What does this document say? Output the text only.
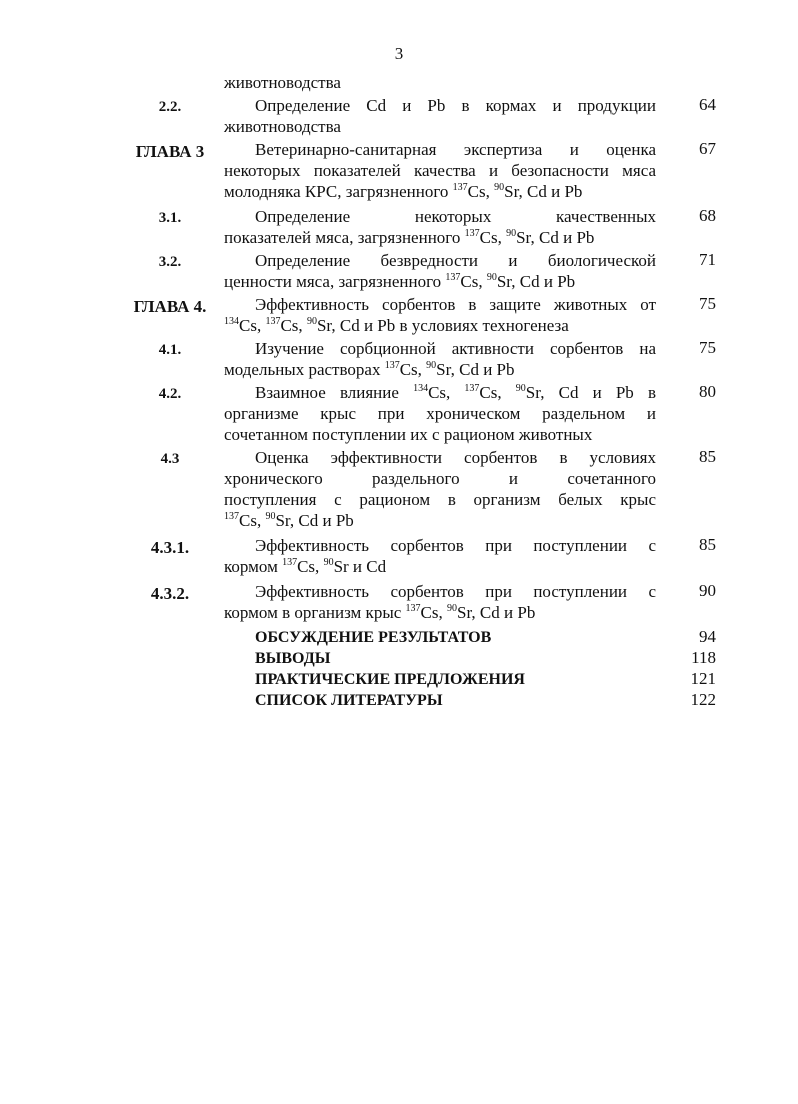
3
животноводства
2.2.	Определение Cd и Pb в кормах и продукции
животноводства
64
ГЛАВА 3	Ветеринарно-санитарная экспертиза и оценка
некоторых показателей качества и безопасности мяса
молодняка КРС, загрязненного $^{137}$Cs, $^{90}$Sr, Cd и Pb
67
3.1.	Определение некоторых качественных
показателей мяса, загрязненного $^{137}$Cs, $^{90}$Sr, Cd и Pb
68
3.2.	Определение безвредности и биологической
ценности мяса, загрязненного $^{137}$Cs, $^{90}$Sr, Cd и Pb
71
ГЛАВА 4.	Эффективность сорбентов в защите животных от
$^{134}$Cs, $^{137}$Cs, $^{90}$Sr, Cd и Pb в условиях техногенеза
75
4.1.	Изучение сорбционной активности сорбентов на
модельных растворах $^{137}$Cs, $^{90}$Sr, Cd и Pb
75
4.2.	Взаимное влияние $^{134}$Cs, $^{137}$Cs, $^{90}$Sr, Cd и Pb в
организме крыс при хроническом раздельном и
сочетанном поступлении их с рационом животных
80
4.3	Оценка эффективности сорбентов в условиях
хронического раздельного и сочетанного
поступления с рационом в организм белых крыс
$^{137}$Cs, $^{90}$Sr, Cd и Pb
85
4.3.1.	Эффективность сорбентов при поступлении с
кормом $^{137}$Cs, $^{90}$Sr и Cd
85
4.3.2.	Эффективность сорбентов при поступлении с
кормом в организм крыс $^{137}$Cs, $^{90}$Sr, Cd и Pb
90
ОБСУЖДЕНИЕ РЕЗУЛЬТАТОВ	94
ВЫВОДЫ	118
ПРАКТИЧЕСКИЕ ПРЕДЛОЖЕНИЯ	121
СПИСОК ЛИТЕРАТУРЫ	122
